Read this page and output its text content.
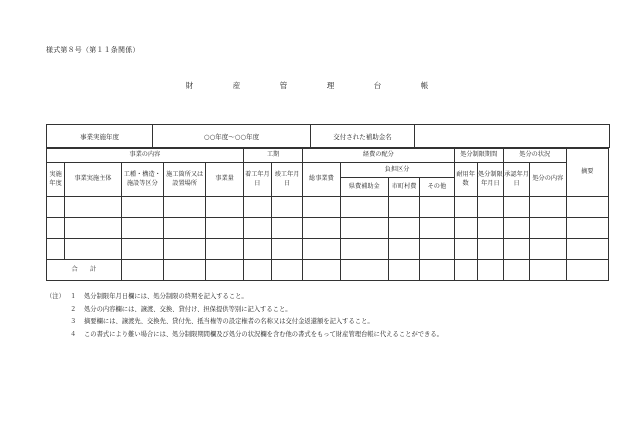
様式第８号（第１１条関係）
財　産　管　理　台　帳
事業実施年度	○○年度～○○年度	交付された補助金名	
事業の内容					工期		経費の配分				処分制限期間		処分の状況		摘要
実施年度	事業実施主体	工種・構造・施設等区分	施工箇所又は設置場所	事業量	着工年月日	竣工年月日	総事業費	負担区分			耐用年数	処分制限年月日	承認年月日	処分の内容	
								県費補助金	市町村費	その他					

合　　計															
（注） １	処分制限年月日欄には、処分制限の終期を記入すること。
２	処分の内容欄には、譲渡、交換、貸付け、担保提供等別に記入すること。
３	摘要欄には、譲渡先、交換先、貸付先、抵当権等の設定権者の名称又は交付金返還額を記入すること。
４	この書式により難い場合には、処分制限期間欄及び処分の状況欄を含む他の書式をもって財産管理台帳に代えることができる。
